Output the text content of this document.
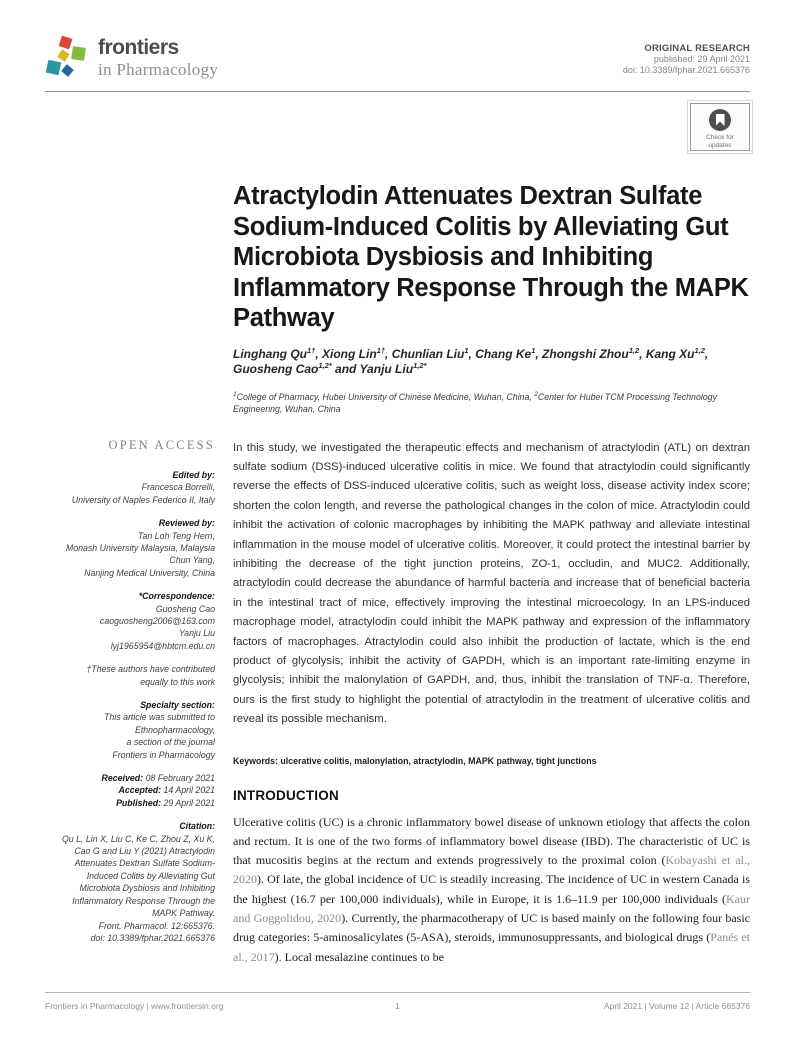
frontiers
in Pharmacology
ORIGINAL RESEARCH
published: 29 April 2021
doi: 10.3389/fphar.2021.665376
Check for updates
Atractylodin Attenuates Dextran Sulfate Sodium-Induced Colitis by Alleviating Gut Microbiota Dysbiosis and Inhibiting Inflammatory Response Through the MAPK Pathway
Linghang $Qu^{1\dagger}$, Xiong Lin$^{1\dagger}$, Chunlian Liu$^1$, Chang Ke$^1$, Zhongshi Zhou$^{1,2}$, Kang Xu$^{1,2}$,
Guosheng Cao$^{1,2*}$ and Yanju Liu$^{1,2*}$
$^1$College of Pharmacy, Hubei University of Chinese Medicine, Wuhan, China, $^2$Center for Hubei TCM Processing Technology Engineering, Wuhan, China
OPEN ACCESS
Edited by:
Francesca Borrelli,
University of Naples Federico II, Italy
Reviewed by:
Tan Loh Teng Hern,
Monash University Malaysia, Malaysia
Chun Yang,
Nanjing Medical University, China
*Correspondence:
Guosheng Cao
caoguosheng2006@163.com
Yanju Liu
lyj1965954@hbtcm.edu.cn
†These authors have contributed
equally to this work
Specialty section:
This article was submitted to
Ethnopharmacology,
a section of the journal
Frontiers in Pharmacology
Received: 08 February 2021
Accepted: 14 April 2021
Published: 29 April 2021
Citation:
Qu L, Lin X, Liu C, Ke C, Zhou Z, Xu K,
Cao G and Liu Y (2021) Atractylodin
Attenuates Dextran Sulfate Sodium-
Induced Colitis by Alleviating Gut
Microbiota Dysbiosis and Inhibiting
Inflammatory Response Through the
MAPK Pathway.
Front. Pharmacol. 12:665376.
doi: 10.3389/fphar.2021.665376

In this study, we investigated the therapeutic effects and mechanism of atractylodin (ATL) on dextran sulfate sodium (DSS)-induced ulcerative colitis in mice. We found that atractylodin could significantly reverse the effects of DSS-induced ulcerative colitis, such as weight loss, disease activity index score; shorten the colon length, and reverse the pathological changes in the colon of mice. Atractylodin could inhibit the activation of colonic macrophages by inhibiting the MAPK pathway and alleviate intestinal inflammation in the mouse model of ulcerative colitis. Moreover, it could protect the intestinal barrier by inhibiting the decrease of the tight junction proteins, ZO-1, occludin, and MUC2. Additionally, atractylodin could decrease the abundance of harmful bacteria and increase that of beneficial bacteria in the intestinal tract of mice, effectively improving the intestinal microecology. In an LPS-induced macrophage model, atractylodin could inhibit the MAPK pathway and expression of the inflammatory factors of macrophages. Atractylodin could also inhibit the production of lactate, which is the end product of glycolysis; inhibit the activity of GAPDH, which is an important rate-limiting enzyme in glycolysis; inhibit the malonylation of GAPDH, and, thus, inhibit the translation of TNF-α. Therefore, ours is the first study to highlight the potential of atractylodin in the treatment of ulcerative colitis and reveal its possible mechanism.

Keywords: ulcerative colitis, malonylation, atractylodin, MAPK pathway, tight junctions

INTRODUCTION

Ulcerative colitis (UC) is a chronic inflammatory bowel disease of unknown etiology that affects the colon and rectum. It is one of the two forms of inflammatory bowel disease (IBD). The characteristic of UC is that mucositis begins at the rectum and extends progressively to the proximal colon (Kobayashi et al., 2020). Of late, the global incidence of UC is steadily increasing. The incidence of UC in western Canada is the highest (16.7 per 100,000 individuals), while in Europe, it is 1.6–11.9 per 100,000 individuals (Kaur and Goggolidou, 2020). Currently, the pharmacotherapy of UC is based mainly on the following four basic drug categories: 5-aminosalicylates (5-ASA), steroids, immunosuppressants, and biological drugs (Panés et al., 2017). Local mesalazine continues to be

Frontiers in Pharmacology | www.frontiersin.org	1	April 2021 | Volume 12 | Article 665376
